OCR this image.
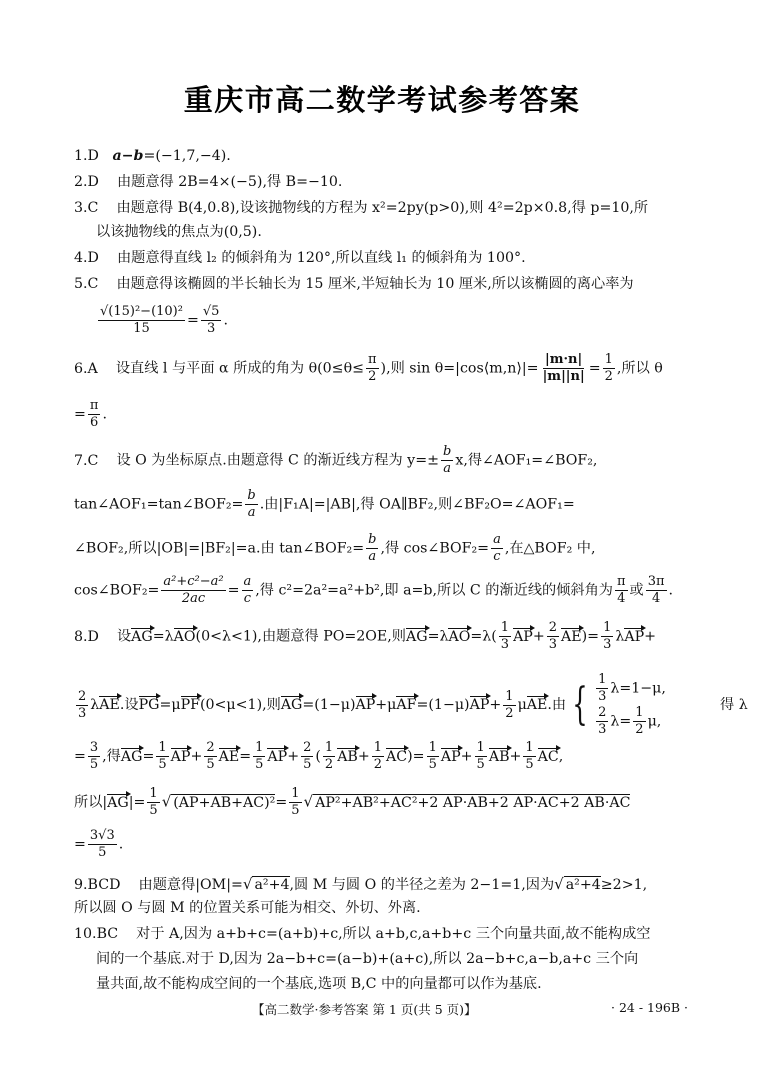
重庆市高二数学考试参考答案
1.D a−b=(−1,7,−4).
2.D 由题意得 2B=4×(−5),得 B=−10.
3.C 由题意得 B(4,0.8),设该抛物线的方程为 x²=2py(p>0),则 4²=2p×0.8,得 p=10,所
以该抛物线的焦点为(0,5).
4.D 由题意得直线 l₂ 的倾斜角为 120°,所以直线 l₁ 的倾斜角为 100°.
5.C 由题意得该椭圆的半长轴长为 15 厘米,半短轴长为 10 厘米,所以该椭圆的离心率为
$\frac{\text{√(15)²−(10)²}}{15} = \frac{√5}{3}$ .
6.A 设直线 l 与平面 α 所成的角为 $\theta(0\le\theta\le \frac{\pi}{2}$ ),则 sin θ=|cos⟨m,n⟩|= $\frac{|m\cdot n|}{|m||n|} = \frac{1}{2}$ ,所以 θ
= $\frac{\pi}{6}$ .
7.C 设 O 为坐标原点.由题意得 C 的渐近线方程为 $y=\pm \frac{b}{a} x$,得∠AOF₁=∠BOF₂,
tan∠AOF₁=tan∠BOF₂= $\frac{b}{a}$ .由|F₁A|=|AB|,得 OA∥BF₂,则∠BF₂O=∠AOF₁=
∠BOF₂,所以|OB|=|BF₂|=a.由 tan∠BOF₂= $\frac{b}{a}$ ,得 cos∠BOF₂= $\frac{a}{c}$ ,在△BOF₂ 中,
cos∠BOF₂= $\frac{\text{a²+c²−a²}}{2ac} = \frac{a}{c}$ ,得 c²=2a²=a²+b²,即 a=b,所以 C 的渐近线的倾斜角为 $\frac{\pi}{4}$ 或 $\frac{3\pi}{4}$ .
8.D 设AG=λAO(0<λ<1),由题意得 PO=2OE,则$AG=\lambda AO=\lambda( \frac{1}{3} AP+ \frac{2}{3} AE)= \frac{1}{3} \lambda AP+$
$\frac{2}{3} \lambda AE$.设PG=μPF(0<μ<1),则$AG=(1-\mu)AP+\mu AF=(1-\mu)AP+ \frac{1}{2} \mu AE$.由 { $\frac{1}{3} \lambda=1-\mu$,
$\frac{2}{3} \lambda= \frac{1}{2} \mu$,
得 λ
= $\frac{3}{5}$ ,得$AG= \frac{1}{5} AP+ \frac{2}{5} AE= \frac{1}{5} AP+ \frac{2}{5}$ ( $\frac{1}{2} AB+ \frac{1}{2} AC)= \frac{1}{5} AP+ \frac{1}{5} AB+ \frac{1}{5}$ AC,
所以$|AG|= \frac{1}{5}$ √ $(AP+AB+AC)^2= \frac{1}{5}$ √ AP²+AB²+AC²+2 AP·AB+2 AP·AC+2 AB·AC
= $\frac{3√3}{5}$ .
9.BCD 由题意得|OM|=√ a²+4,圆 M 与圆 O 的半径之差为 2−1=1,因为√ a²+4≥2>1,
所以圆 O 与圆 M 的位置关系可能为相交、外切、外离.
10.BC 对于 A,因为 a+b+c=(a+b)+c,所以 a+b,c,a+b+c 三个向量共面,故不能构成空
间的一个基底.对于 D,因为 2a−b+c=(a−b)+(a+c),所以 2a−b+c,a−b,a+c 三个向
量共面,故不能构成空间的一个基底,选项 B,C 中的向量都可以作为基底.
【高二数学·参考答案 第 1 页(共 5 页)】	· 24 - 196B ·
